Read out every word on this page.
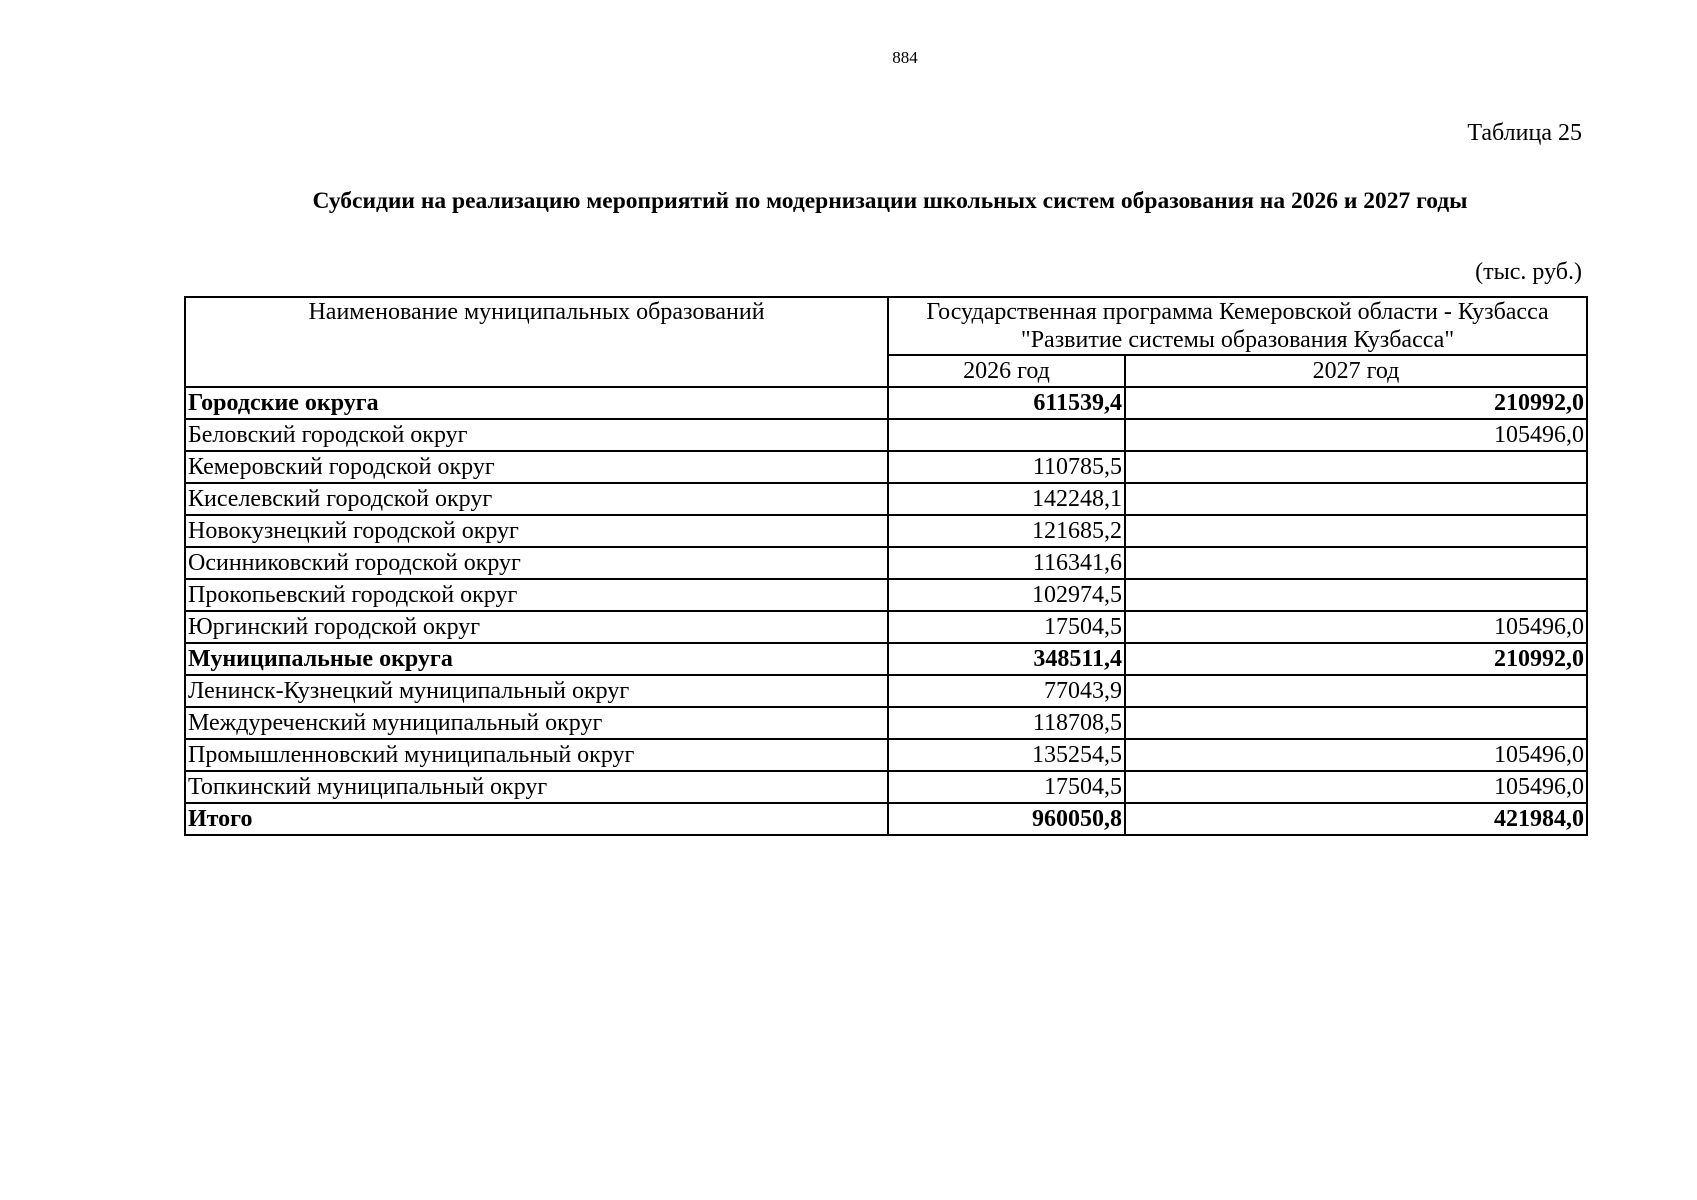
884
Таблица 25
Субсидии на реализацию мероприятий по модернизации школьных систем образования на 2026 и 2027 годы
(тыс. руб.)
Наименование муниципальных образований	Государственная программа Кемеровской области - Кузбасса
"Развитие системы образования Кузбасса"	
	2026 год	2027 год
Городские округа	611539,4	210992,0
Беловский городской округ		105496,0
Кемеровский городской округ	110785,5	
Киселевский городской округ	142248,1	
Новокузнецкий городской округ	121685,2	
Осинниковский городской округ	116341,6	
Прокопьевский городской округ	102974,5	
Юргинский городской округ	17504,5	105496,0
Муниципальные округа	348511,4	210992,0
Ленинск-Кузнецкий муниципальный округ	77043,9	
Междуреченский муниципальный округ	118708,5	
Промышленновский муниципальный округ	135254,5	105496,0
Топкинский муниципальный округ	17504,5	105496,0
Итого	960050,8	421984,0
